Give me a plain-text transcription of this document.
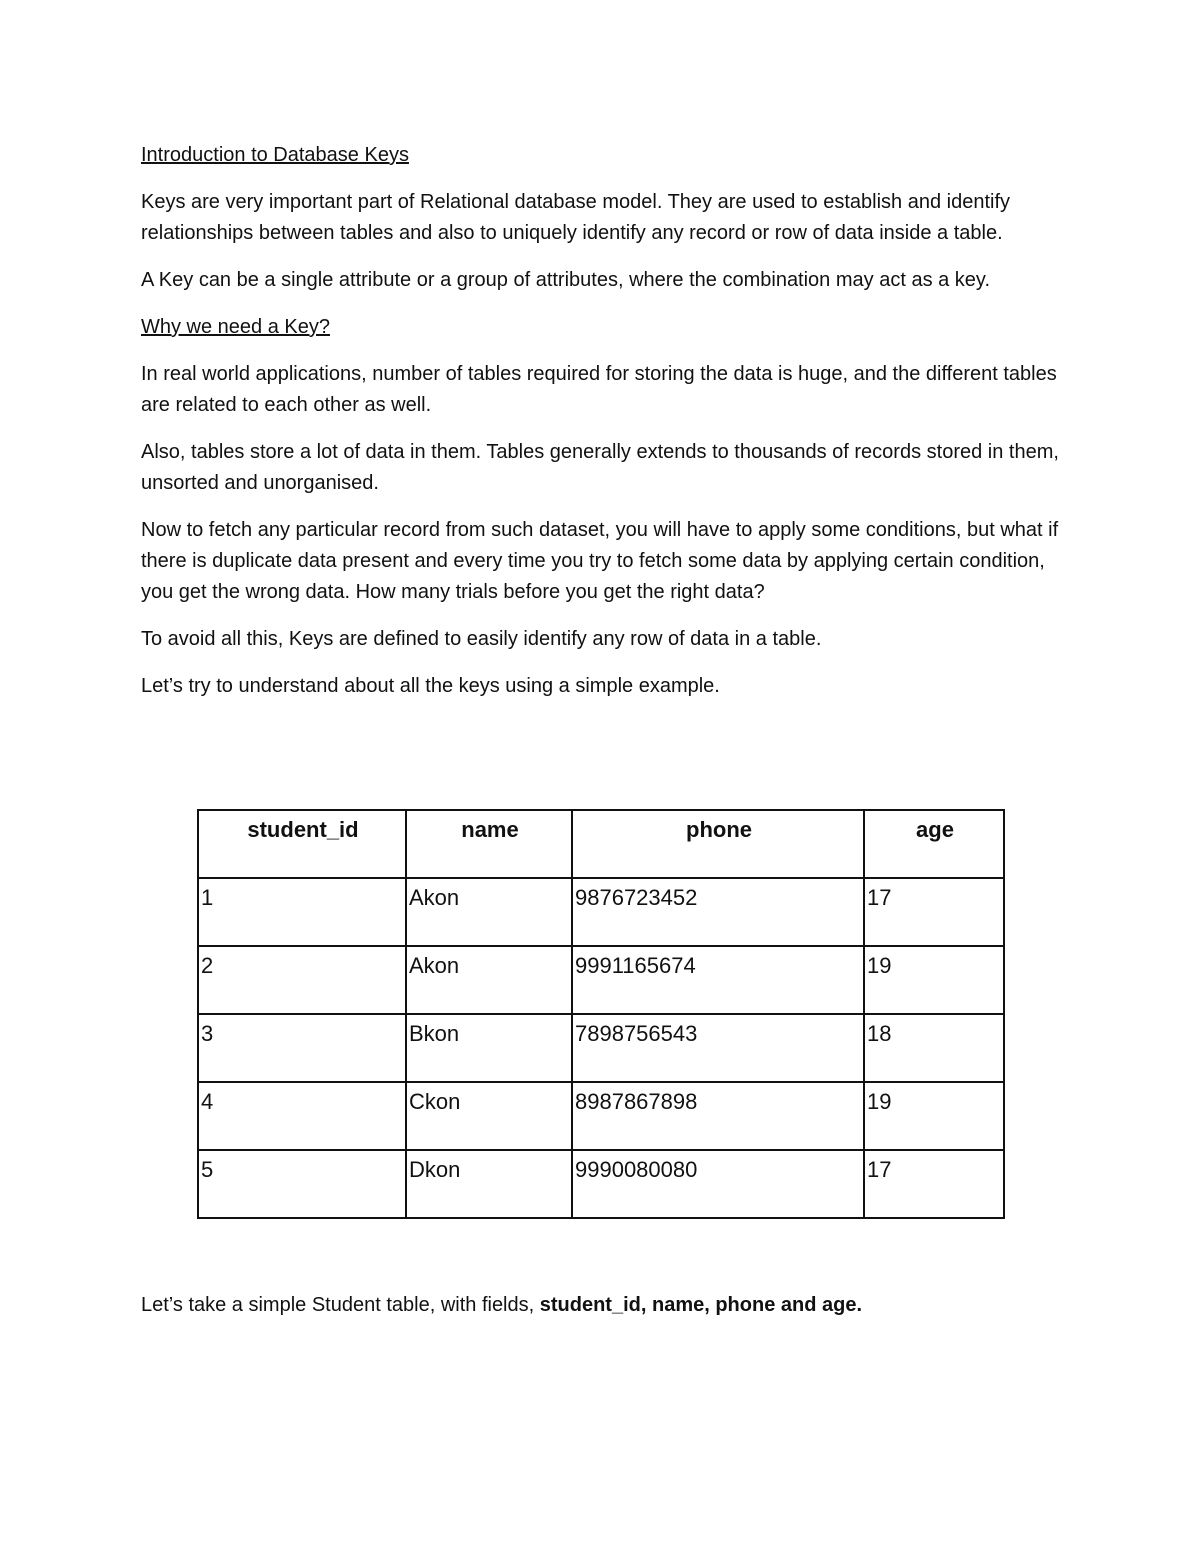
Introduction to Database Keys

Keys are very important part of Relational database model. They are used to establish and identify relationships between tables and also to uniquely identify any record or row of data inside a table.

A Key can be a single attribute or a group of attributes, where the combination may act as a key.

Why we need a Key?

In real world applications, number of tables required for storing the data is huge, and the different tables are related to each other as well.

Also, tables store a lot of data in them. Tables generally extends to thousands of records stored in them, unsorted and unorganised.

Now to fetch any particular record from such dataset, you will have to apply some conditions, but what if there is duplicate data present and every time you try to fetch some data by applying certain condition, you get the wrong data. How many trials before you get the right data?

To avoid all this, Keys are defined to easily identify any row of data in a table.

Let’s try to understand about all the keys using a simple example.

student_id	name	phone	age
1	Akon	9876723452	17
2	Akon	9991165674	19
3	Bkon	7898756543	18
4	Ckon	8987867898	19
5	Dkon	9990080080	17
Let’s take a simple Student table, with fields, student_id, name, phone and age.
